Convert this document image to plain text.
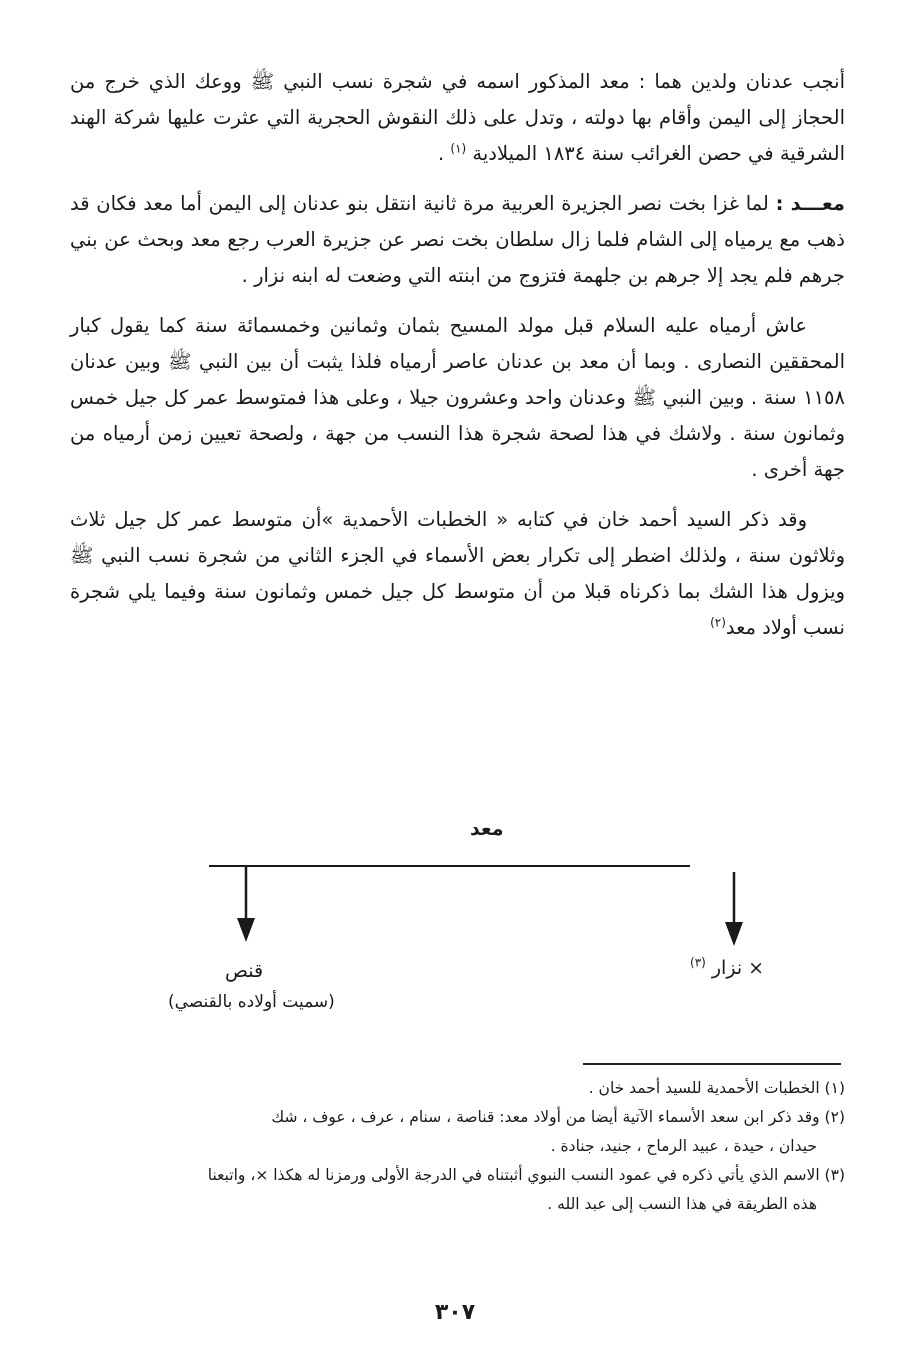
أنجب عدنان ولدين هما : معد المذكور اسمه في شجرة نسب النبي ﷺ ووعك الذي خرج من الحجاز إلى اليمن وأقام بها دولته ، وتدل على ذلك النقوش الحجرية التي عثرت عليها شركة الهند الشرقية في حصن الغرائب سنة ١٨٣٤ الميلادية $^{(١)}$ .

معـــد : لما غزا بخت نصر الجزيرة العربية مرة ثانية انتقل بنو عدنان إلى اليمن أما معد فكان قد ذهب مع يرمياه إلى الشام فلما زال سلطان بخت نصر عن جزيرة العرب رجع معد وبحث عن بني جرهم فلم يجد إلا جرهم بن جلهمة فتزوج من ابنته التي وضعت له ابنه نزار .

عاش أرمياه عليه السلام قبل مولد المسيح بثمان وثمانين وخمسمائة سنة كما يقول كبار المحققين النصارى . وبما أن معد بن عدنان عاصر أرمياه فلذا يثبت أن بين النبي ﷺ وبين عدنان ١١٥٨ سنة . وبين النبي ﷺ وعدنان واحد وعشرون جيلا ، وعلى هذا فمتوسط عمر كل جيل خمس وثمانون سنة . ولاشك في هذا لصحة شجرة هذا النسب من جهة ، ولصحة تعيين زمن أرمياه من جهة أخرى .

وقد ذكر السيد أحمد خان في كتابه « الخطبات الأحمدية »أن متوسط عمر كل جيل ثلاث وثلاثون سنة ، ولذلك اضطر إلى تكرار بعض الأسماء في الجزء الثاني من شجرة نسب النبي ﷺ ويزول هذا الشك بما ذكرناه قبلا من أن متوسط كل جيل خمس وثمانون سنة وفيما يلي شجرة نسب أولاد معد$^{(٢)}$

معد
× نزار $^{(٣)}$
قنص
(سميت أولاده بالقنصي)

(١) الخطبات الأحمدية للسيد أحمد خان .

(٢) وقد ذكر ابن سعد الأسماء الآتية أيضا من أولاد معد: قناصة ، سنام ، عرف ، عوف ، شك

حيدان ، حيدة ، عبيد الرماح ، جنيد، جنادة .

(٣) الاسم الذي يأتي ذكره في عمود النسب النبوي أثبتناه في الدرجة الأولى ورمزنا له هكذا ×، واتبعنا

هذه الطريقة في هذا النسب إلى عبد الله .

٣٠٧
